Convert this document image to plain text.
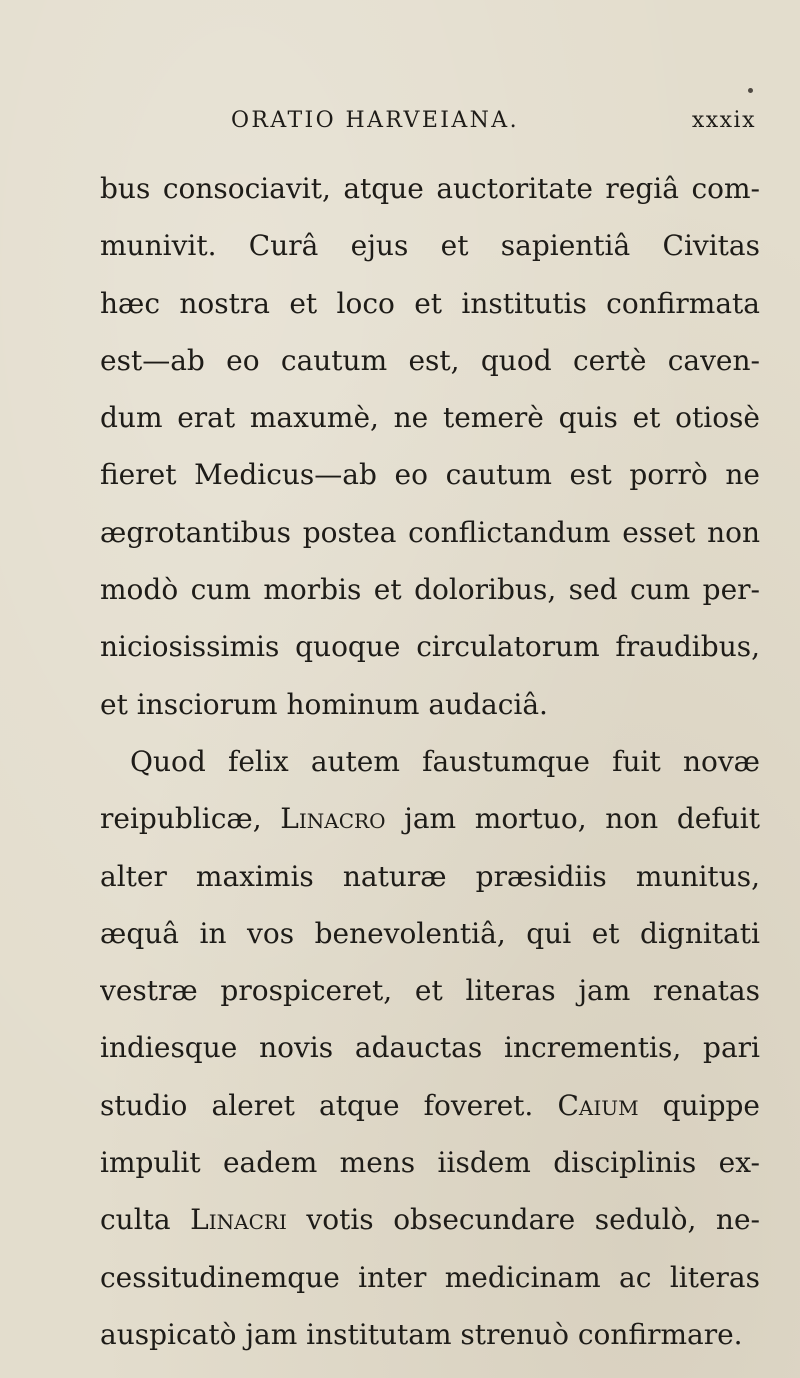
ORATIO HARVEIANA.	xxxix
bus consociavit, atque auctoritate regiâ com-
munivit. Curâ ejus et sapientiâ Civitas
hæc nostra et loco et institutis confirmata
est—ab eo cautum est, quod certè caven-
dum erat maxumè, ne temerè quis et otiosè
fieret Medicus—ab eo cautum est porrò ne
ægrotantibus postea conflictandum esset non
modò cum morbis et doloribus, sed cum per-
niciosissimis quoque circulatorum fraudibus,
et insciorum hominum audaciâ.
Quod felix autem faustumque fuit novæ
reipublicæ, Linacro jam mortuo, non defuit
alter maximis naturæ præsidiis munitus,
æquâ in vos benevolentiâ, qui et dignitati
vestræ prospiceret, et literas jam renatas
indiesque novis adauctas incrementis, pari
studio aleret atque foveret. Caium quippe
impulit eadem mens iisdem disciplinis ex-
culta Linacri votis obsecundare sedulò, ne-
cessitudinemque inter medicinam ac literas
auspicatò jam institutam strenuò confirmare.
